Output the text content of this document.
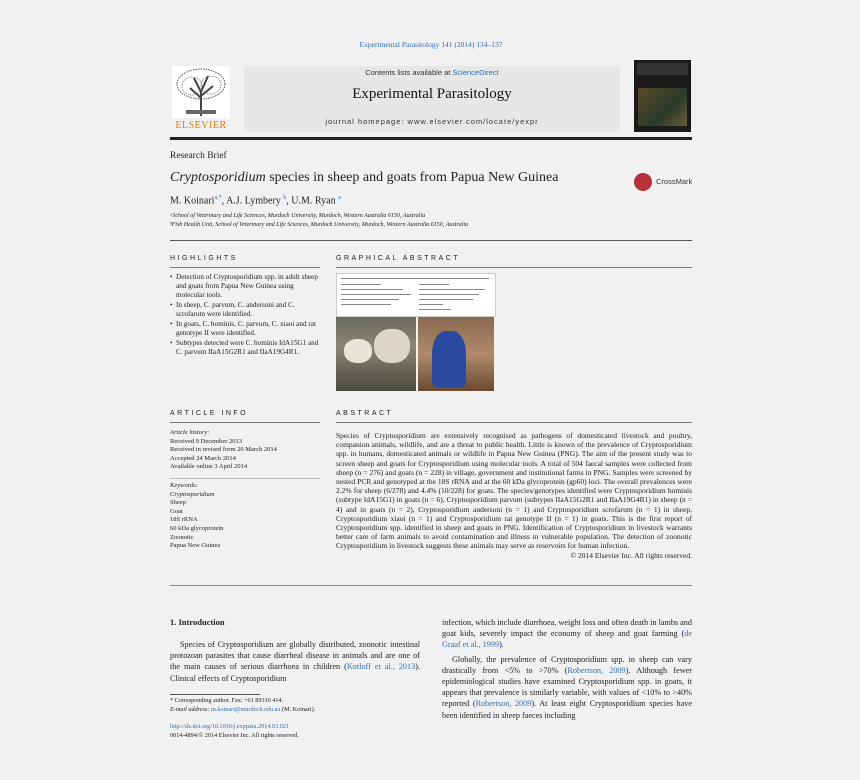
Experimental Parasitology 141 (2014) 134–137
ELSEVIER
Contents lists available at ScienceDirect
Experimental Parasitology
journal homepage: www.elsevier.com/locate/yexpr
Research Brief
Cryptosporidium species in sheep and goats from Papua New Guinea	CrossMark
M. Koinari$^{a,*}$, A.J. Lymbery $^b$, U.M. Ryan $^a$
ᵃSchool of Veterinary and Life Sciences, Murdoch University, Murdoch, Western Australia 6150, Australia
ᵇFish Health Unit, School of Veterinary and Life Sciences, Murdoch University, Murdoch, Western Australia 6150, Australia
HIGHLIGHTS	GRAPHICAL ABSTRACT
• Detection of Cryptosporidium spp. in adult sheep and goats from Papua New Guinea using molecular tools.
• In sheep, C. parvum, C. andersoni and C. scrofarum were identified.
• In goats, C. hominis, C. parvum, C. xiaoi and rat genotype II were identified.
• Subtypes detected were C. hominis IdA15G1 and C. parvum IIaA15G2R1 and IIaA19G4R1.
ARTICLE INFO	ABSTRACT
Article history:
Received 9 December 2013
Received in revised form 20 March 2014
Accepted 24 March 2014
Available online 3 April 2014
Keywords:
Cryptosporidium
Sheep
Goat
18S rRNA
60 kDa glycoprotein
Zoonotic
Papua New Guinea
Species of Cryptosporidium are extensively recognised as pathogens of domesticated livestock and poultry, companion animals, wildlife, and are a threat to public health. Little is known of the prevalence of Cryptosporidium spp. in humans, domesticated animals or wildlife in Papua New Guinea (PNG). The aim of the present study was to screen sheep and goats for Cryptosporidium using molecular tools. A total of 504 faecal samples were collected from sheep (n = 276) and goats (n = 228) in village, government and institutional farms in PNG. Samples were screened by nested PCR and genotyped at the 18S rRNA and at the 60 kDa glycoprotein (gp60) loci. The overall prevalences were 2.2% for sheep (6/278) and 4.4% (10/228) for goats. The species/genotypes identified were Cryptosporidium hominis (subtype IdA15G1) in goats (n = 6), Cryptosporidium parvum (subtypes IIaA15G2R1 and IIaA19G4R1) in sheep (n = 4) and in goats (n = 2), Cryptosporidium andersoni (n = 1) and Cryptosporidium scrofarum (n = 1) in sheep, Cryptosporidium xiaoi (n = 1) and Cryptosporidium rat genotype II (n = 1) in goats. This is the first report of Cryptosporidium spp. identified in sheep and goats in PNG. Identification of Cryptosporidium in livestock warrants better care of farm animals to avoid contamination and illness in vulnerable population. The detection of zoonotic Cryptosporidium in livestock suggests these animals may serve as reservoirs for human infection.
© 2014 Elsevier Inc. All rights reserved.
1. Introduction
Species of Cryptosporidium are globally distributed, zoonotic intestinal protozoan parasites that cause diarrheal disease in animals and are one of the main causes of serious diarrhoea in children (Kotloff et al., 2013). Clinical effects of Cryptosporidium
infection, which include diarrhoea, weight loss and often death in lambs and goat kids, severely impact the economy of sheep and goat farming (de Graaf et al., 1999).
Globally, the prevalence of Cryptosporidium spp. in sheep can vary drastically from <5% to >70% (Robertson, 2009). Although fewer epidemiological studies have examined Cryptosporidium spp. in goats, it appears that prevalence is similarly variable, with values of <10% to >40% reported (Robertson, 2009). At least eight Cryptosporidium species have been identified in sheep faeces including
* Corresponding author. Fax: +61 89310 414.
E-mail address: m.koinari@murdoch.edu.au (M. Koinari).
http://dx.doi.org/10.1016/j.exppara.2014.03.021
0014-4894/© 2014 Elsevier Inc. All rights reserved.
